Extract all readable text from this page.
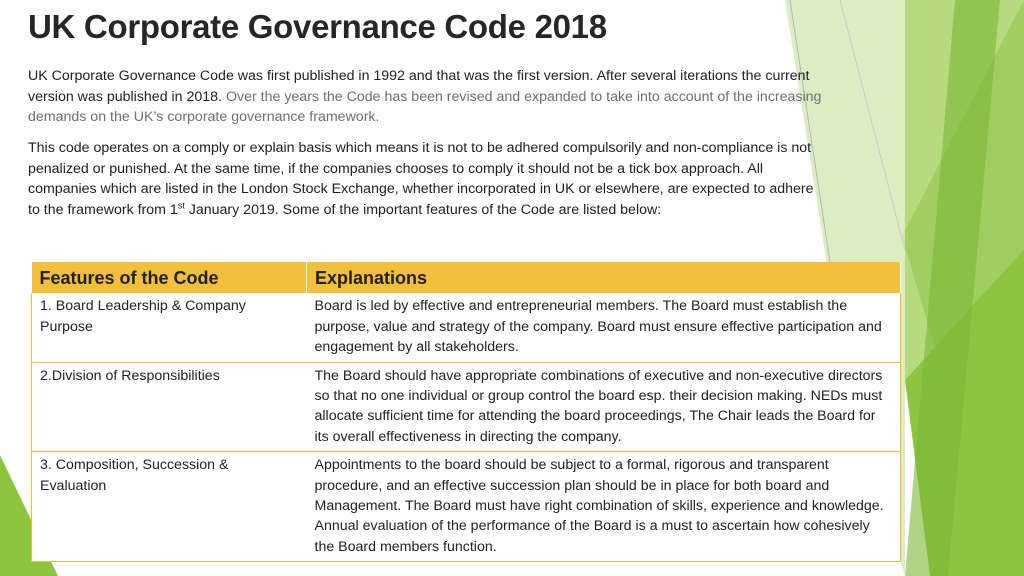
UK Corporate Governance Code 2018
UK Corporate Governance Code was first published in 1992 and that was the first version. After several iterations the current version was published in 2018. Over the years the Code has been revised and expanded to take into account of the increasing demands on the UK’s corporate governance framework.
This code operates on a comply or explain basis which means it is not to be adhered compulsorily and non-compliance is not penalized or punished. At the same time, if the companies chooses to comply it should not be a tick box approach. All companies which are listed in the London Stock Exchange, whether incorporated in UK or elsewhere, are expected to adhere to the framework from 1st January 2019. Some of the important features of the Code are listed below:
Features of the Code	Explanations
1. Board Leadership & Company Purpose	Board is led by effective and entrepreneurial members. The Board must establish the purpose, value and strategy of the company. Board must ensure effective participation and engagement by all stakeholders.
2.Division of Responsibilities	The Board should have appropriate combinations of executive and non-executive directors so that no one individual or group control the board esp. their decision making. NEDs must allocate sufficient time for attending the board proceedings, The Chair leads the Board for its overall effectiveness in directing the company.
3. Composition, Succession & Evaluation	Appointments to the board should be subject to a formal, rigorous and transparent procedure, and an effective succession plan should be in place for both board and Management. The Board must have right combination of skills, experience and knowledge. Annual evaluation of the performance of the Board is a must to ascertain how cohesively the Board members function.
